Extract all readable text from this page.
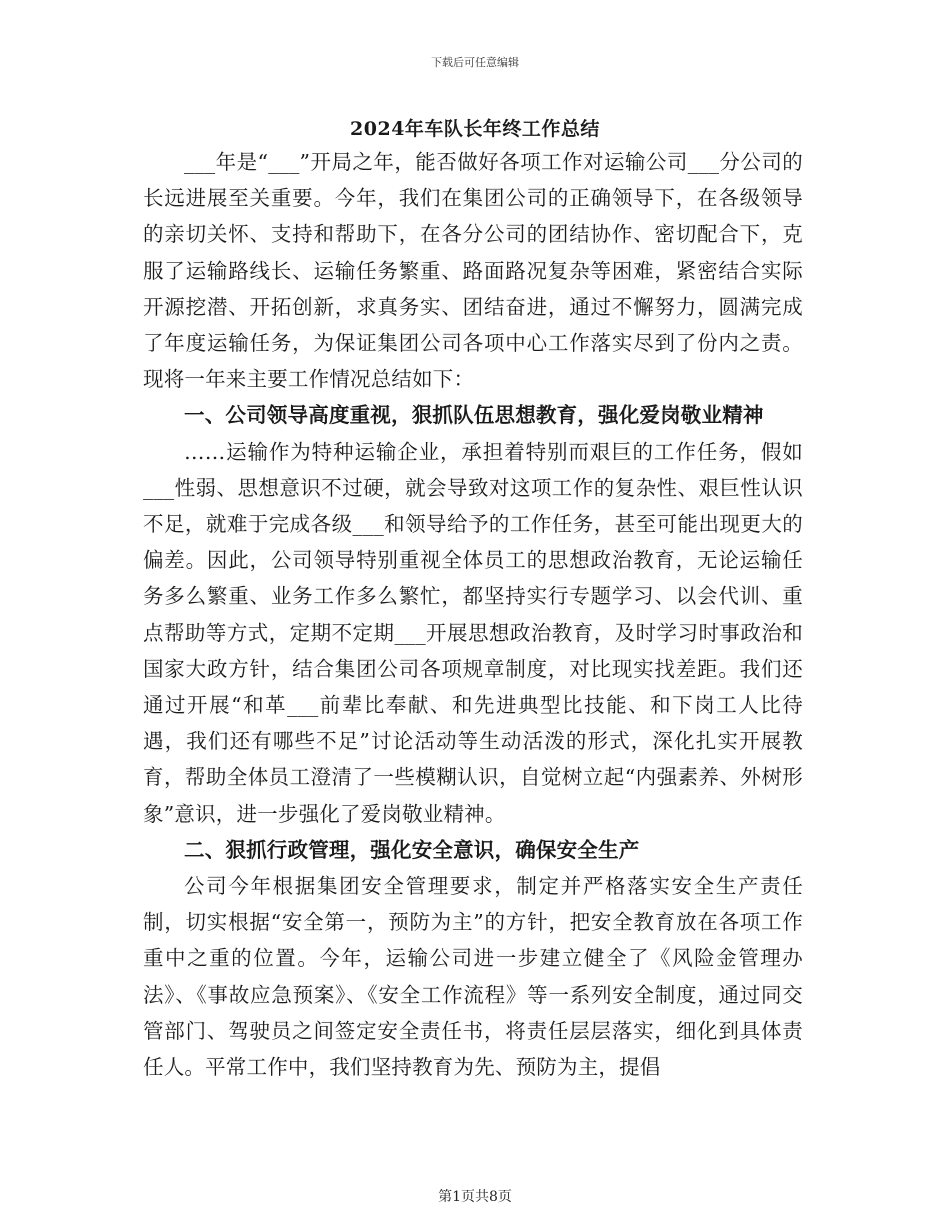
下载后可任意编辑
2024年车队长年终工作总结

___年是“___”开局之年，能否做好各项工作对运输公司___分公司的长远进展至关重要。今年，我们在集团公司的正确领导下，在各级领导的亲切关怀、支持和帮助下，在各分公司的团结协作、密切配合下，克服了运输路线长、运输任务繁重、路面路况复杂等困难，紧密结合实际开源挖潜、开拓创新，求真务实、团结奋进，通过不懈努力，圆满完成了年度运输任务，为保证集团公司各项中心工作落实尽到了份内之责。现将一年来主要工作情况总结如下：

一、公司领导高度重视，狠抓队伍思想教育，强化爱岗敬业精神

……运输作为特种运输企业，承担着特别而艰巨的工作任务，假如___性弱、思想意识不过硬，就会导致对这项工作的复杂性、艰巨性认识不足，就难于完成各级___和领导给予的工作任务，甚至可能出现更大的偏差。因此，公司领导特别重视全体员工的思想政治教育，无论运输任务多么繁重、业务工作多么繁忙，都坚持实行专题学习、以会代训、重点帮助等方式，定期不定期___开展思想政治教育，及时学习时事政治和国家大政方针，结合集团公司各项规章制度，对比现实找差距。我们还通过开展“和革___前辈比奉献、和先进典型比技能、和下岗工人比待遇，我们还有哪些不足”讨论活动等生动活泼的形式，深化扎实开展教育，帮助全体员工澄清了一些模糊认识，自觉树立起“内强素养、外树形象”意识，进一步强化了爱岗敬业精神。

二、狠抓行政管理，强化安全意识，确保安全生产

公司今年根据集团安全管理要求，制定并严格落实安全生产责任制，切实根据“安全第一，预防为主”的方针，把安全教育放在各项工作重中之重的位置。今年，运输公司进一步建立健全了《风险金管理办法》、《事故应急预案》、《安全工作流程》等一系列安全制度，通过同交管部门、驾驶员之间签定安全责任书，将责任层层落实，细化到具体责任人。平常工作中，我们坚持教育为先、预防为主，提倡

第1页共8页
